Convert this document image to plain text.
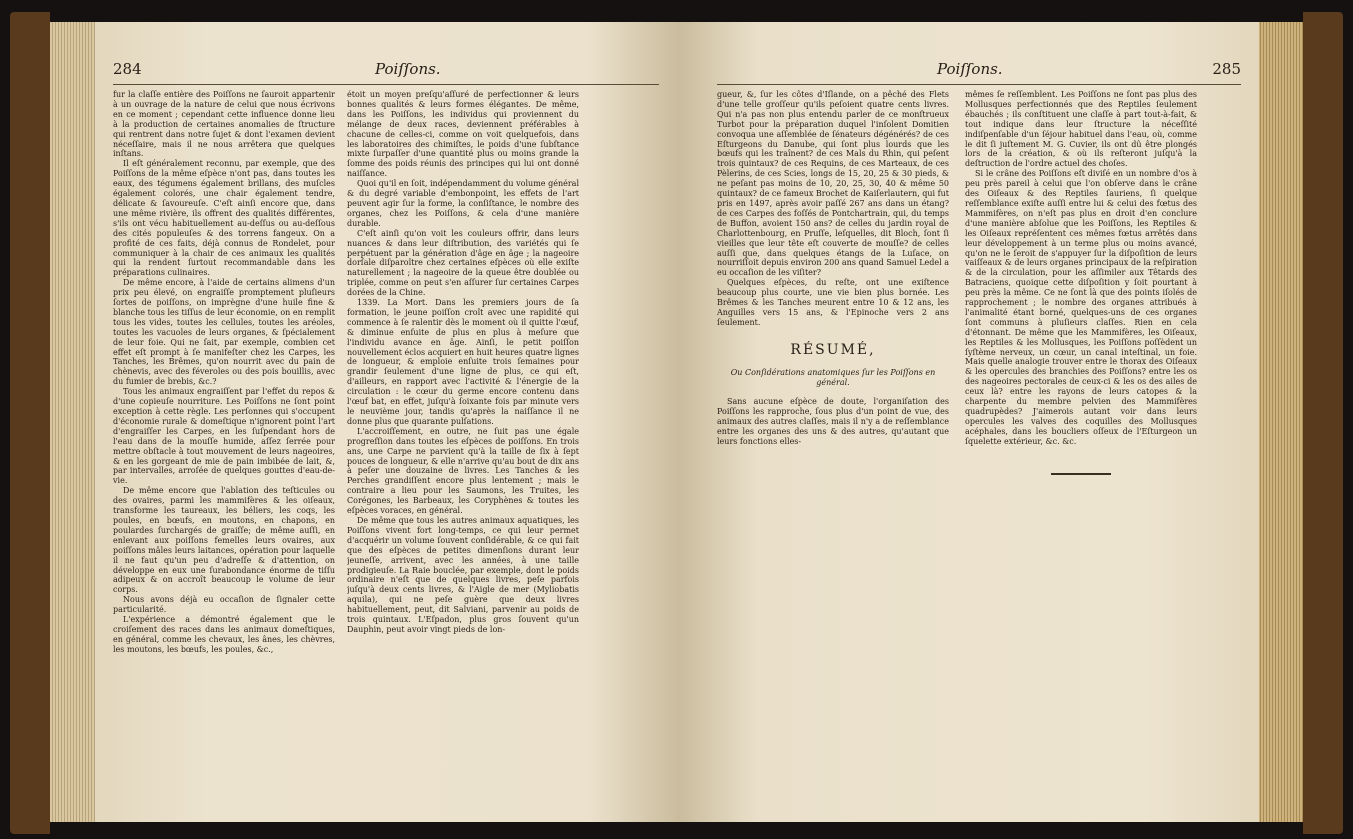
284	Poiſſons.

fur la claſſe entière des Poiſſons ne ſauroit appartenir à un ouvrage de la nature de celui que nous écrivons en ce moment ; cependant cette influence donne lieu à la production de certaines anomalies de ſtructure qui rentrent dans notre ſujet & dont l'examen devient néceſſaire, mais il ne nous arrêtera que quelques inſtans.

Il eſt généralement reconnu, par exemple, que des Poiſſons de la même eſpèce n'ont pas, dans toutes les eaux, des tégumens également brillans, des muſcles également colorés, une chair également tendre, délicate & ſavoureuſe. C'eſt ainſi encore que, dans une même rivière, ils offrent des qualités différentes, s'ils ont vécu habituellement au-deſſus ou au-deſſous des cités populeuſes & des torrens fangeux. On a profité de ces faits, déjà connus de Rondelet, pour communiquer à la chair de ces animaux les qualités qui la rendent ſurtout recommandable dans les préparations culinaires.

De même encore, à l'aide de certains alimens d'un prix peu élevé, on engraiſſe promptement pluſieurs ſortes de poiſſons, on imprègne d'une huile fine & blanche tous les tiſſus de leur économie, on en remplit tous les vides, toutes les cellules, toutes les aréoles, toutes les vacuoles de leurs organes, & ſpécialement de leur foie. Qui ne ſait, par exemple, combien cet effet eſt prompt à ſe manifeſter chez les Carpes, les Tanches, les Brêmes, qu'on nourrit avec du pain de chènevis, avec des féveroles ou des pois bouillis, avec du fumier de brebis, &c.?

Tous les animaux engraiſſent par l'effet du repos & d'une copieuſe nourriture. Les Poiſſons ne ſont point exception à cette règle. Les perſonnes qui s'occupent d'économie rurale & domeſtique n'ignorent point l'art d'engraiſſer les Carpes, en les ſuſpendant hors de l'eau dans de la mouſſe humide, aſſez ſerrée pour mettre obſtacle à tout mouvement de leurs nageoires, & en les gorgeant de mie de pain imbibée de lait, &, par intervalles, arroſée de quelques gouttes d'eau-de-vie.

De même encore que l'ablation des teſticules ou des ovaires, parmi les mammifères & les oiſeaux, transforme les taureaux, les béliers, les coqs, les poules, en bœufs, en moutons, en chapons, en poulardes ſurchargés de graiſſe; de même auſſi, en enlevant aux poiſſons femelles leurs ovaires, aux poiſſons mâles leurs laitances, opération pour laquelle il ne faut qu'un peu d'adreſſe & d'attention, on développe en eux une ſurabondance énorme de tiſſu adipeux & on accroît beaucoup le volume de leur corps.

Nous avons déjà eu occaſion de ſignaler cette particularité.

L'expérience a démontré également que le croiſement des races dans les animaux domeſtiques, en général, comme les chevaux, les ânes, les chèvres, les moutons, les bœufs, les poules, &c.,

étoit un moyen preſqu'aſſuré de perfectionner & leurs bonnes qualités & leurs formes élégantes. De même, dans les Poiſſons, les individus qui proviennent du mélange de deux races, deviennent préférables à chacune de celles-ci, comme on voit quelquefois, dans les laboratoires des chimiſtes, le poids d'une ſubſtance mixte ſurpaſſer d'une quantité plus ou moins grande la ſomme des poids réunis des principes qui lui ont donné naiſſance.

Quoi qu'il en ſoit, indépendamment du volume général & du degré variable d'embonpoint, les effets de l'art peuvent agir ſur la forme, la conſiſtance, le nombre des organes, chez les Poiſſons, & cela d'une manière durable.

C'eſt ainſi qu'on voit les couleurs offrir, dans leurs nuances & dans leur diſtribution, des variétés qui ſe perpétuent par la génération d'âge en âge ; la nageoire dorſale diſparoître chez certaines eſpèces où elle exiſte naturellement ; la nageoire de la queue être doublée ou triplée, comme on peut s'en aſſurer ſur certaines Carpes dorées de la Chine.

1339. La Mort. Dans les premiers jours de ſa formation, le jeune poiſſon croît avec une rapidité qui commence à ſe ralentir dès le moment où il quitte l'œuf, & diminue enſuite de plus en plus à meſure que l'individu avance en âge. Ainſi, le petit poiſſon nouvellement éclos acquiert en huit heures quatre lignes de longueur, & emploie enſuite trois ſemaines pour grandir ſeulement d'une ligne de plus, ce qui eſt, d'ailleurs, en rapport avec l'activité & l'énergie de la circulation : le cœur du germe encore contenu dans l'œuf bat, en effet, juſqu'à ſoixante fois par minute vers le neuvième jour, tandis qu'après la naiſſance il ne donne plus que quarante pulſations.

L'accroiſſement, en outre, ne ſuit pas une égale progreſſion dans toutes les eſpèces de poiſſons. En trois ans, une Carpe ne parvient qu'à la taille de ſix à ſept pouces de longueur, & elle n'arrive qu'au bout de dix ans à peſer une douzaine de livres. Les Tanches & les Perches grandiſſent encore plus lentement ; mais le contraire a lieu pour les Saumons, les Truites, les Corégones, les Barbeaux, les Coryphènes & toutes les eſpèces voraces, en général.

De même que tous les autres animaux aquatiques, les Poiſſons vivent fort long-temps, ce qui leur permet d'acquérir un volume ſouvent conſidérable, & ce qui fait que des eſpèces de petites dimenſions durant leur jeuneſſe, arrivent, avec les années, à une taille prodigieuſe. La Raie bouclée, par exemple, dont le poids ordinaire n'eſt que de quelques livres, peſe parfois juſqu'à deux cents livres, & l'Aigle de mer (Myliobatis aquila), qui ne peſe guère que deux livres habituellement, peut, dit Salviani, parvenir au poids de trois quintaux. L'Eſpadon, plus gros ſouvent qu'un Dauphin, peut avoir vingt pieds de lon-

Poiſſons.	285

gueur, &, ſur les côtes d'Iſlande, on a pêché des Flets d'une telle groſſeur qu'ils peſoient quatre cents livres. Qui n'a pas non plus entendu parler de ce monſtrueux Turbot pour la préparation duquel l'inſolent Domitien convoqua une aſſemblée de ſénateurs dégénérés? de ces Eſturgeons du Danube, qui ſont plus lourds que les bœufs qui les traînent? de ces Mals du Rhin, qui peſent trois quintaux? de ces Requins, de ces Marteaux, de ces Pèlerins, de ces Scies, longs de 15, 20, 25 & 30 pieds, & ne peſant pas moins de 10, 20, 25, 30, 40 & même 50 quintaux? de ce fameux Brochet de Kaiſerlautern, qui fut pris en 1497, après avoir paſſé 267 ans dans un étang? de ces Carpes des foſſés de Pontchartrain, qui, du temps de Buffon, avoient 150 ans? de celles du jardin royal de Charlottenbourg, en Pruſſe, leſquelles, dit Bloch, ſont ſi vieilles que leur tête eſt couverte de mouſſe? de celles auſſi que, dans quelques étangs de la Luſace, on nourriſſoit depuis environ 200 ans quand Samuel Ledel a eu occaſion de les viſiter?

Quelques eſpèces, du reſte, ont une exiſtence beaucoup plus courte, une vie bien plus bornée. Les Brêmes & les Tanches meurent entre 10 & 12 ans, les Anguilles vers 15 ans, & l'Epinoche vers 2 ans ſeulement.

RÉSUMÉ,

Ou Conſidérations anatomiques ſur les Poiſſons en général.

Sans aucune eſpèce de doute, l'organiſation des Poiſſons les rapproche, ſous plus d'un point de vue, des animaux des autres claſſes, mais il n'y a de reſſemblance entre les organes des uns & des autres, qu'autant que leurs fonctions elles-

mêmes ſe reſſemblent. Les Poiſſons ne ſont pas plus des Mollusques perfectionnés que des Reptiles ſeulement ébauchés ; ils conſtituent une claſſe à part tout-à-fait, & tout indique dans leur ſtructure la néceſſité indiſpenſable d'un ſéjour habituel dans l'eau, où, comme le dit ſi juſtement M. G. Cuvier, ils ont dû être plongés lors de la création, & où ils reſteront juſqu'à la deſtruction de l'ordre actuel des choſes.

Si le crâne des Poiſſons eſt diviſé en un nombre d'os à peu près pareil à celui que l'on obſerve dans le crâne des Oiſeaux & des Reptiles ſauriens, ſi quelque reſſemblance exiſte auſſi entre lui & celui des fœtus des Mammifères, on n'eſt pas plus en droit d'en conclure d'une manière abſolue que les Poiſſons, les Reptiles & les Oiſeaux repréſentent ces mêmes fœtus arrêtés dans leur développement à un terme plus ou moins avancé, qu'on ne le ſeroit de s'appuyer ſur la diſpoſition de leurs vaiſſeaux & de leurs organes principaux de la reſpiration & de la circulation, pour les aſſimiler aux Têtards des Batraciens, quoique cette diſpoſition y ſoit pourtant à peu près la même. Ce ne ſont là que des points iſolés de rapprochement ; le nombre des organes attribués à l'animalité étant borné, quelques-uns de ces organes ſont communs à pluſieurs claſſes. Rien en cela d'étonnant. De même que les Mammifères, les Oiſeaux, les Reptiles & les Mollusques, les Poiſſons poſſèdent un ſyſtème nerveux, un cœur, un canal inteſtinal, un foie. Mais quelle analogie trouver entre le thorax des Oiſeaux & les opercules des branchies des Poiſſons? entre les os des nageoires pectorales de ceux-ci & les os des ailes de ceux là? entre les rayons de leurs catopes & la charpente du membre pelvien des Mammifères quadrupèdes? J'aimerois autant voir dans leurs opercules les valves des coquilles des Mollusques acéphales, dans les boucliers oſſeux de l'Eſturgeon un ſquelette extérieur, &c. &c.
